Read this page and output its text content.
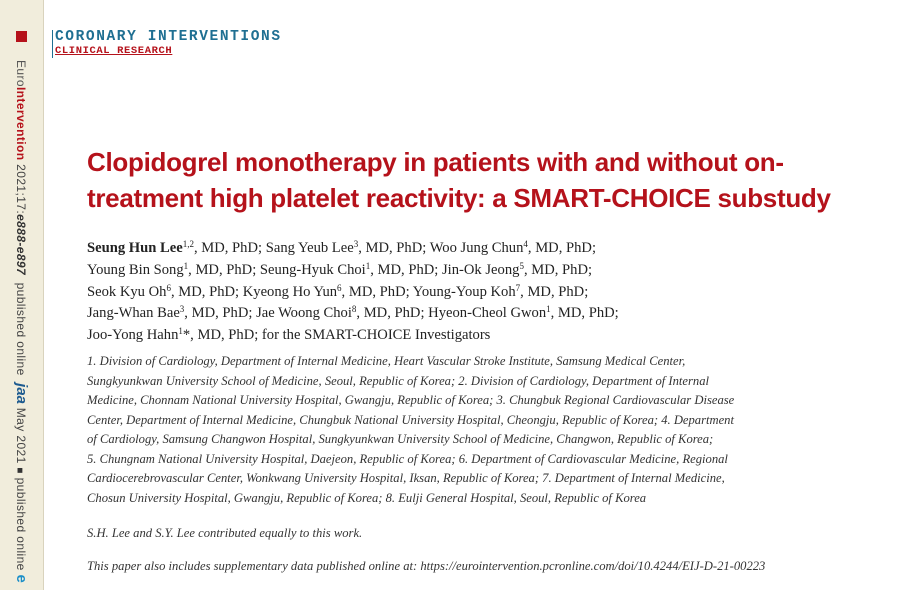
EuroIntervention 2021;17:e888-e897  published online  jaa May 2021 ■ published online e
CORONARY INTERVENTIONS
CLINICAL RESEARCH
Clopidogrel monotherapy in patients with and without on-
treatment high platelet reactivity: a SMART-CHOICE substudy
Seung Hun Lee$^{1,2}$, MD, PhD; Sang Yeub Lee$^3$, MD, PhD; Woo Jung Chun$^4$, MD, PhD;
Young Bin Song$^1$, MD, PhD; Seung-Hyuk Choi$^1$, MD, PhD; Jin-Ok Jeong$^5$, MD, PhD;
Seok Kyu Oh$^6$, MD, PhD; Kyeong Ho Yun$^6$, MD, PhD; Young-Youp Koh$^7$, MD, PhD;
Jang-Whan Bae$^3$, MD, PhD; Jae Woong Choi$^8$, MD, PhD; Hyeon-Cheol Gwon$^1$, MD, PhD;
Joo-Yong Hahn$^1$*, MD, PhD; for the SMART-CHOICE Investigators
1. Division of Cardiology, Department of Internal Medicine, Heart Vascular Stroke Institute, Samsung Medical Center,
Sungkyunkwan University School of Medicine, Seoul, Republic of Korea; 2. Division of Cardiology, Department of Internal
Medicine, Chonnam National University Hospital, Gwangju, Republic of Korea; 3. Chungbuk Regional Cardiovascular Disease
Center, Department of Internal Medicine, Chungbuk National University Hospital, Cheongju, Republic of Korea; 4. Department
of Cardiology, Samsung Changwon Hospital, Sungkyunkwan University School of Medicine, Changwon, Republic of Korea;
5. Chungnam National University Hospital, Daejeon, Republic of Korea; 6. Department of Cardiovascular Medicine, Regional
Cardiocerebrovascular Center, Wonkwang University Hospital, Iksan, Republic of Korea; 7. Department of Internal Medicine,
Chosun University Hospital, Gwangju, Republic of Korea; 8. Eulji General Hospital, Seoul, Republic of Korea
S.H. Lee and S.Y. Lee contributed equally to this work.
This paper also includes supplementary data published online at: https://eurointervention.pcronline.com/doi/10.4244/EIJ-D-21-00223
